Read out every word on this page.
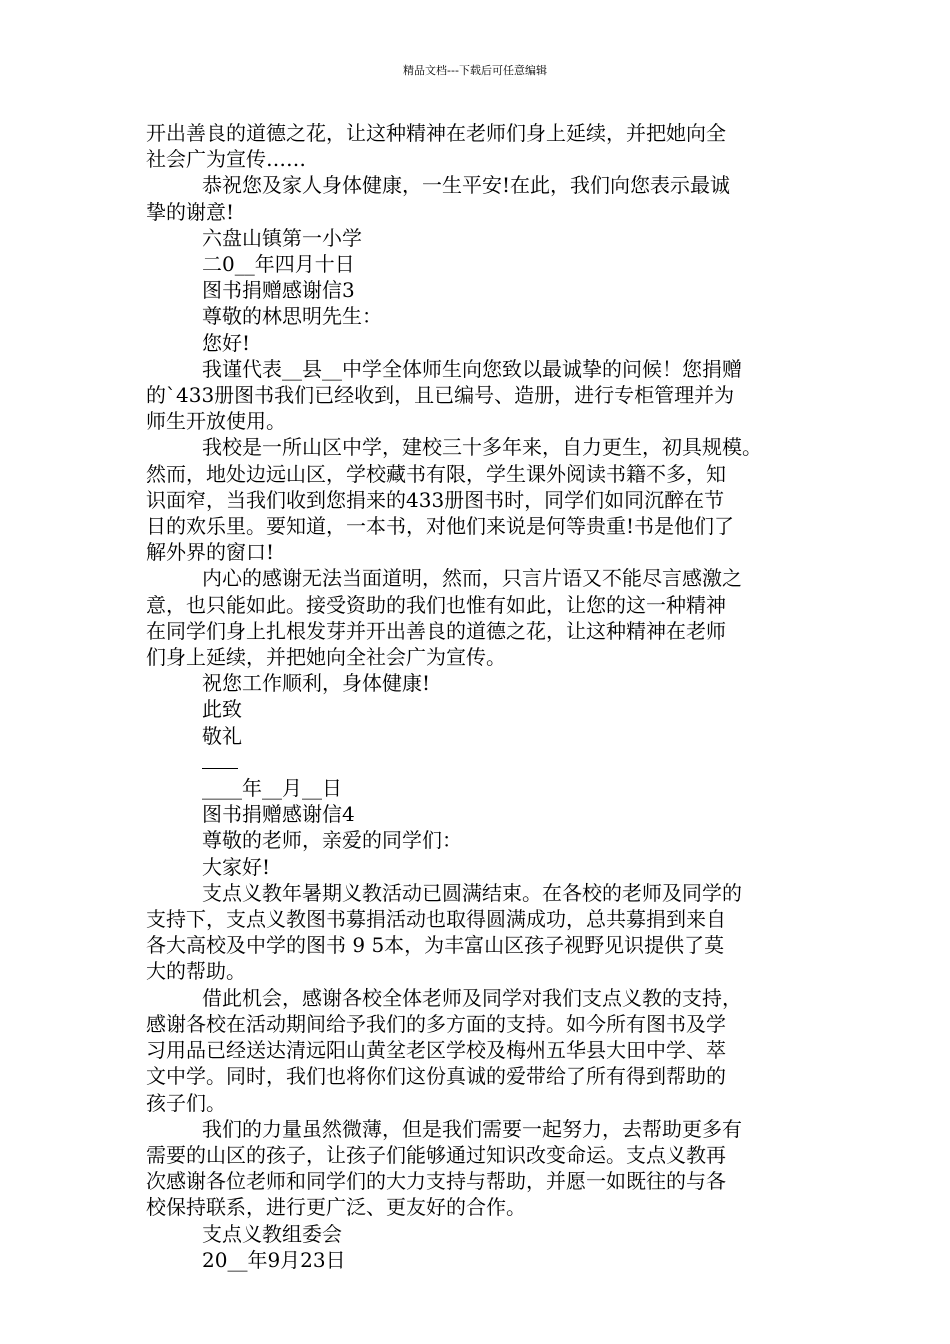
精品文档---下载后可任意编辑

开出善良的道德之花，让这种精神在老师们身上延续，并把她向全

社会广为宣传……

恭祝您及家人身体健康，一生平安!在此，我们向您表示最诚

挚的谢意!

六盘山镇第一小学

二0__年四月十日

图书捐赠感谢信3

尊敬的林思明先生：

您好!

我谨代表__县__中学全体师生向您致以最诚挚的问候！您捐赠

的`433册图书我们已经收到，且已编号、造册，进行专柜管理并为

师生开放使用。

我校是一所山区中学，建校三十多年来，自力更生，初具规模。

然而，地处边远山区，学校藏书有限，学生课外阅读书籍不多，知

识面窄，当我们收到您捐来的433册图书时，同学们如同沉醉在节

日的欢乐里。要知道，一本书，对他们来说是何等贵重!书是他们了

解外界的窗口!

内心的感谢无法当面道明，然而，只言片语又不能尽言感激之

意，也只能如此。接受资助的我们也惟有如此，让您的这一种精神

在同学们身上扎根发芽并开出善良的道德之花，让这种精神在老师

们身上延续，并把她向全社会广为宣传。

祝您工作顺利，身体健康!

此致

敬礼

____年__月__日

图书捐赠感谢信4

尊敬的老师，亲爱的同学们：

大家好!

支点义教年暑期义教活动已圆满结束。在各校的老师及同学的

支持下，支点义教图书募捐活动也取得圆满成功，总共募捐到来自

各大高校及中学的图书 9 5本，为丰富山区孩子视野见识提供了莫

大的帮助。

借此机会，感谢各校全体老师及同学对我们支点义教的支持，

感谢各校在活动期间给予我们的多方面的支持。如今所有图书及学

习用品已经送达清远阳山黄坌老区学校及梅州五华县大田中学、萃

文中学。同时，我们也将你们这份真诚的爱带给了所有得到帮助的

孩子们。

我们的力量虽然微薄，但是我们需要一起努力，去帮助更多有

需要的山区的孩子，让孩子们能够通过知识改变命运。支点义教再

次感谢各位老师和同学们的大力支持与帮助，并愿一如既往的与各

校保持联系，进行更广泛、更友好的合作。

支点义教组委会

20__年9月23日
